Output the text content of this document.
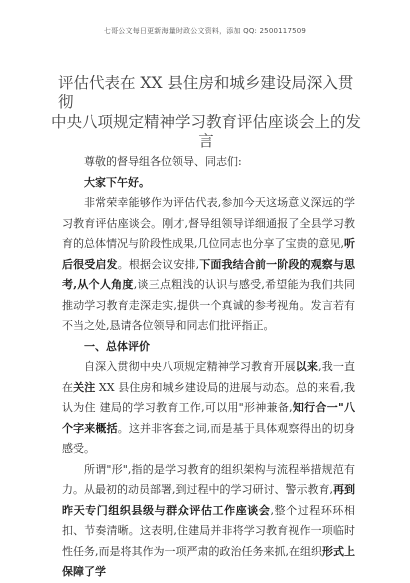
七哥公文每日更新海量时政公文资料，添加 QQ: 2500117509
评估代表在 XX 县住房和城乡建设局深入贯彻
中央八项规定精神学习教育评估座谈会上的发言

尊敬的督导组各位领导、同志们:

大家下午好。

非常荣幸能够作为评估代表,参加今天这场意义深远的学习教育评估座谈会。刚才,督导组领导详细通报了全县学习教育的总体情况与阶段性成果,几位同志也分享了宝贵的意见,听后很受启发。根据会议安排,下面我结合前一阶段的观察与思考,从个人角度,谈三点粗浅的认识与感受,希望能为我们共同推动学习教育走深走实,提供一个真诚的参考视角。发言若有不当之处,恳请各位领导和同志们批评指正。

一、总体评价

自深入贯彻中央八项规定精神学习教育开展以来,我一直在关注 XX 县住房和城乡建设局的进展与动态。总的来看,我认为住 建局的学习教育工作,可以用"形神兼备,知行合一"八个字来概括。这并非客套之词,而是基于具体观察得出的切身感受。

所谓"形",指的是学习教育的组织架构与流程举措规范有力。从最初的动员部署,到过程中的学习研讨、警示教育,再到昨天专门组织县级与群众评估工作座谈会,整个过程环环相扣、节奏清晰。这表明,住建局并非将学习教育视作一项临时性任务,而是将其作为一项严肃的政治任务来抓,在组织形式上保障了学
